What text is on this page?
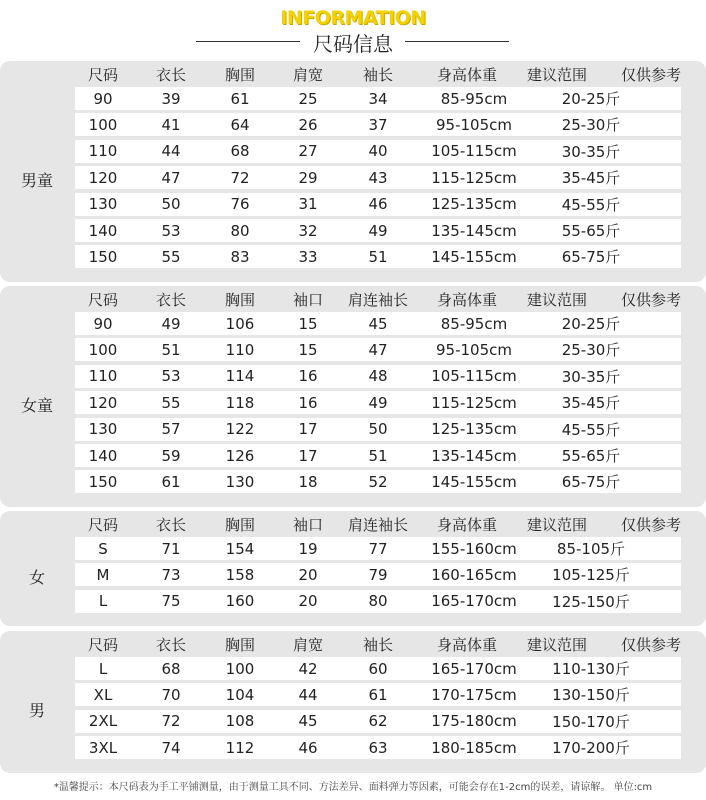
INFORMATION
尺码信息
尺码	衣长	胸围	肩宽	袖长	身高体重	建议范围	仅供参考
男童
90	39	61	25	34	85-95cm	20-25斤
100	41	64	26	37	95-105cm	25-30斤
110	44	68	27	40	105-115cm	30-35斤
120	47	72	29	43	115-125cm	35-45斤
130	50	76	31	46	125-135cm	45-55斤
140	53	80	32	49	135-145cm	55-65斤
150	55	83	33	51	145-155cm	65-75斤
尺码	衣长	胸围	袖口	肩连袖长	身高体重	建议范围	仅供参考
女童
90	49	106	15	45	85-95cm	20-25斤
100	51	110	15	47	95-105cm	25-30斤
110	53	114	16	48	105-115cm	30-35斤
120	55	118	16	49	115-125cm	35-45斤
130	57	122	17	50	125-135cm	45-55斤
140	59	126	17	51	135-145cm	55-65斤
150	61	130	18	52	145-155cm	65-75斤
尺码	衣长	胸围	袖口	肩连袖长	身高体重	建议范围	仅供参考
女
S	71	154	19	77	155-160cm	85-105斤
M	73	158	20	79	160-165cm	105-125斤
L	75	160	20	80	165-170cm	125-150斤
尺码	衣长	胸围	肩宽	袖长	身高体重	建议范围	仅供参考
男
L	68	100	42	60	165-170cm	110-130斤
XL	70	104	44	61	170-175cm	130-150斤
2XL	72	108	45	62	175-180cm	150-170斤
3XL	74	112	46	63	180-185cm	170-200斤
*温馨提示：本尺码表为手工平铺测量，由于测量工具不同、方法差异、面料弹力等因素，可能会存在1-2cm的误差，请谅解。 单位:cm
